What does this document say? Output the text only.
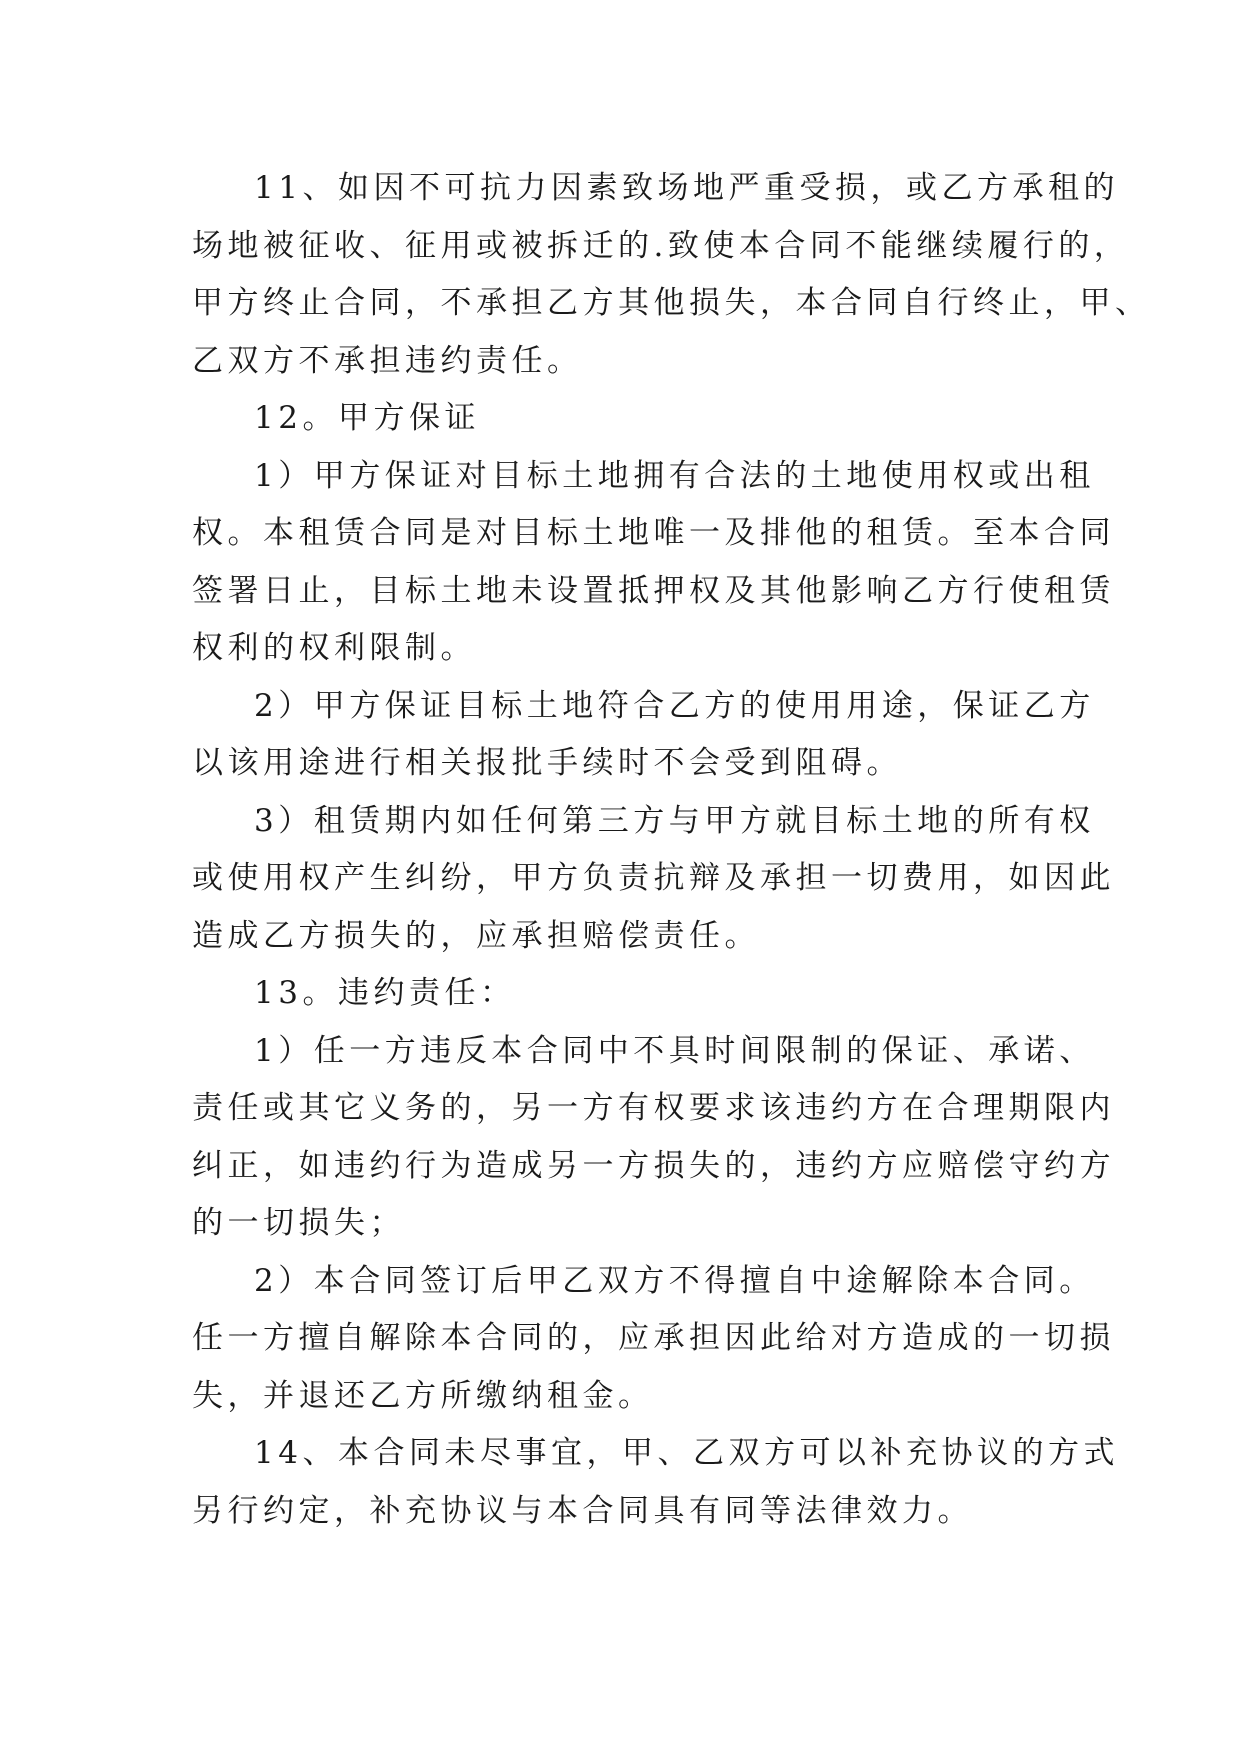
11、如因不可抗力因素致场地严重受损，或乙方承租的
场地被征收、征用或被拆迁的.致使本合同不能继续履行的，
甲方终止合同，不承担乙方其他损失，本合同自行终止，甲、
乙双方不承担违约责任。

12。甲方保证

1）甲方保证对目标土地拥有合法的土地使用权或出租
权。本租赁合同是对目标土地唯一及排他的租赁。至本合同
签署日止，目标土地未设置抵押权及其他影响乙方行使租赁
权利的权利限制。

2）甲方保证目标土地符合乙方的使用用途，保证乙方
以该用途进行相关报批手续时不会受到阻碍。

3）租赁期内如任何第三方与甲方就目标土地的所有权
或使用权产生纠纷，甲方负责抗辩及承担一切费用，如因此
造成乙方损失的，应承担赔偿责任。

13。违约责任：

1）任一方违反本合同中不具时间限制的保证、承诺、
责任或其它义务的，另一方有权要求该违约方在合理期限内
纠正，如违约行为造成另一方损失的，违约方应赔偿守约方
的一切损失；

2）本合同签订后甲乙双方不得擅自中途解除本合同。
任一方擅自解除本合同的，应承担因此给对方造成的一切损
失，并退还乙方所缴纳租金。

14、本合同未尽事宜，甲、乙双方可以补充协议的方式
另行约定，补充协议与本合同具有同等法律效力。
